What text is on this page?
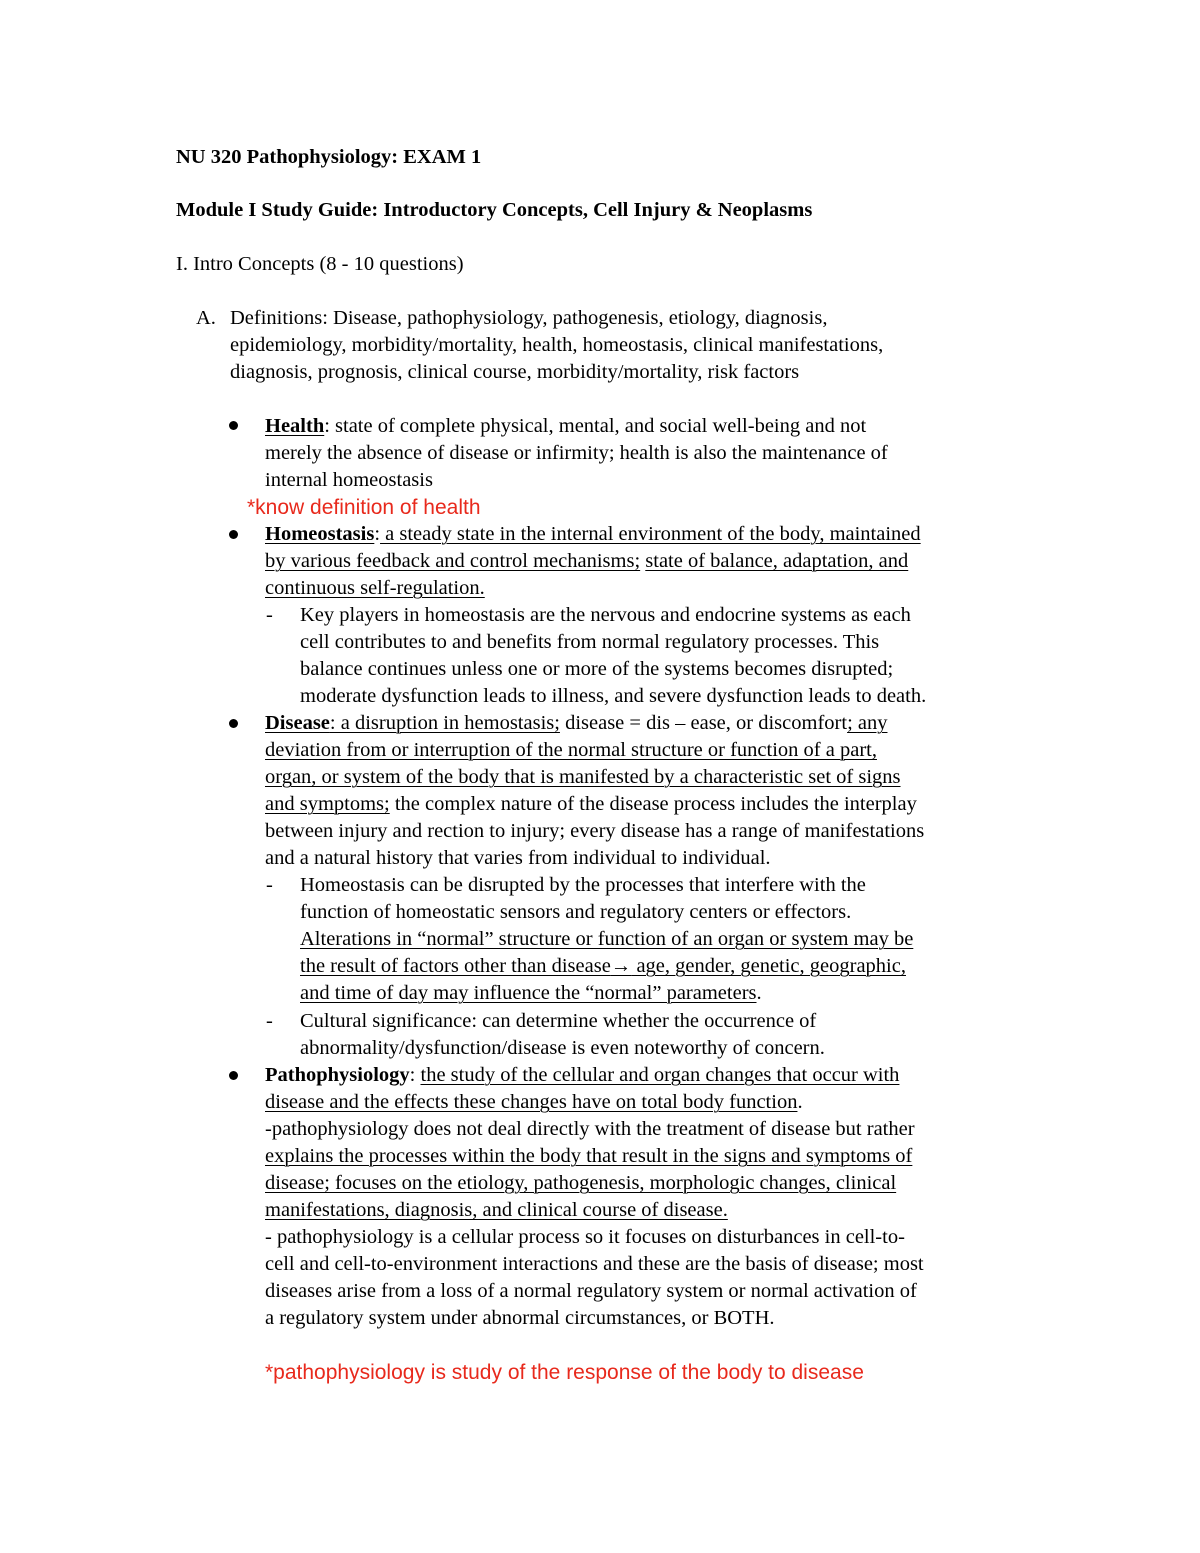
NU 320 Pathophysiology: EXAM 1
Module I Study Guide: Introductory Concepts, Cell Injury & Neoplasms
I. Intro Concepts (8 - 10 questions)
A. Definitions: Disease, pathophysiology, pathogenesis, etiology, diagnosis,
epidemiology, morbidity/mortality, health, homeostasis, clinical manifestations,
diagnosis, prognosis, clinical course, morbidity/mortality, risk factors
Health: state of complete physical, mental, and social well-being and not
merely the absence of disease or infirmity; health is also the maintenance of
internal homeostasis
*know definition of health
Homeostasis: a steady state in the internal environment of the body, maintained
by various feedback and control mechanisms; state of balance, adaptation, and
continuous self-regulation.
- Key players in homeostasis are the nervous and endocrine systems as each
cell contributes to and benefits from normal regulatory processes. This
balance continues unless one or more of the systems becomes disrupted;
moderate dysfunction leads to illness, and severe dysfunction leads to death.
Disease: a disruption in hemostasis; disease = dis – ease, or discomfort; any
deviation from or interruption of the normal structure or function of a part,
organ, or system of the body that is manifested by a characteristic set of signs
and symptoms; the complex nature of the disease process includes the interplay
between injury and rection to injury; every disease has a range of manifestations
and a natural history that varies from individual to individual.
- Homeostasis can be disrupted by the processes that interfere with the
function of homeostatic sensors and regulatory centers or effectors.
Alterations in “normal” structure or function of an organ or system may be
the result of factors other than disease→ age, gender, genetic, geographic,
and time of day may influence the “normal” parameters.
- Cultural significance: can determine whether the occurrence of
abnormality/dysfunction/disease is even noteworthy of concern.
Pathophysiology: the study of the cellular and organ changes that occur with
disease and the effects these changes have on total body function.
-pathophysiology does not deal directly with the treatment of disease but rather
explains the processes within the body that result in the signs and symptoms of
disease; focuses on the etiology, pathogenesis, morphologic changes, clinical
manifestations, diagnosis, and clinical course of disease.
- pathophysiology is a cellular process so it focuses on disturbances in cell-to-
cell and cell-to-environment interactions and these are the basis of disease; most
diseases arise from a loss of a normal regulatory system or normal activation of
a regulatory system under abnormal circumstances, or BOTH.
*pathophysiology is study of the response of the body to disease
